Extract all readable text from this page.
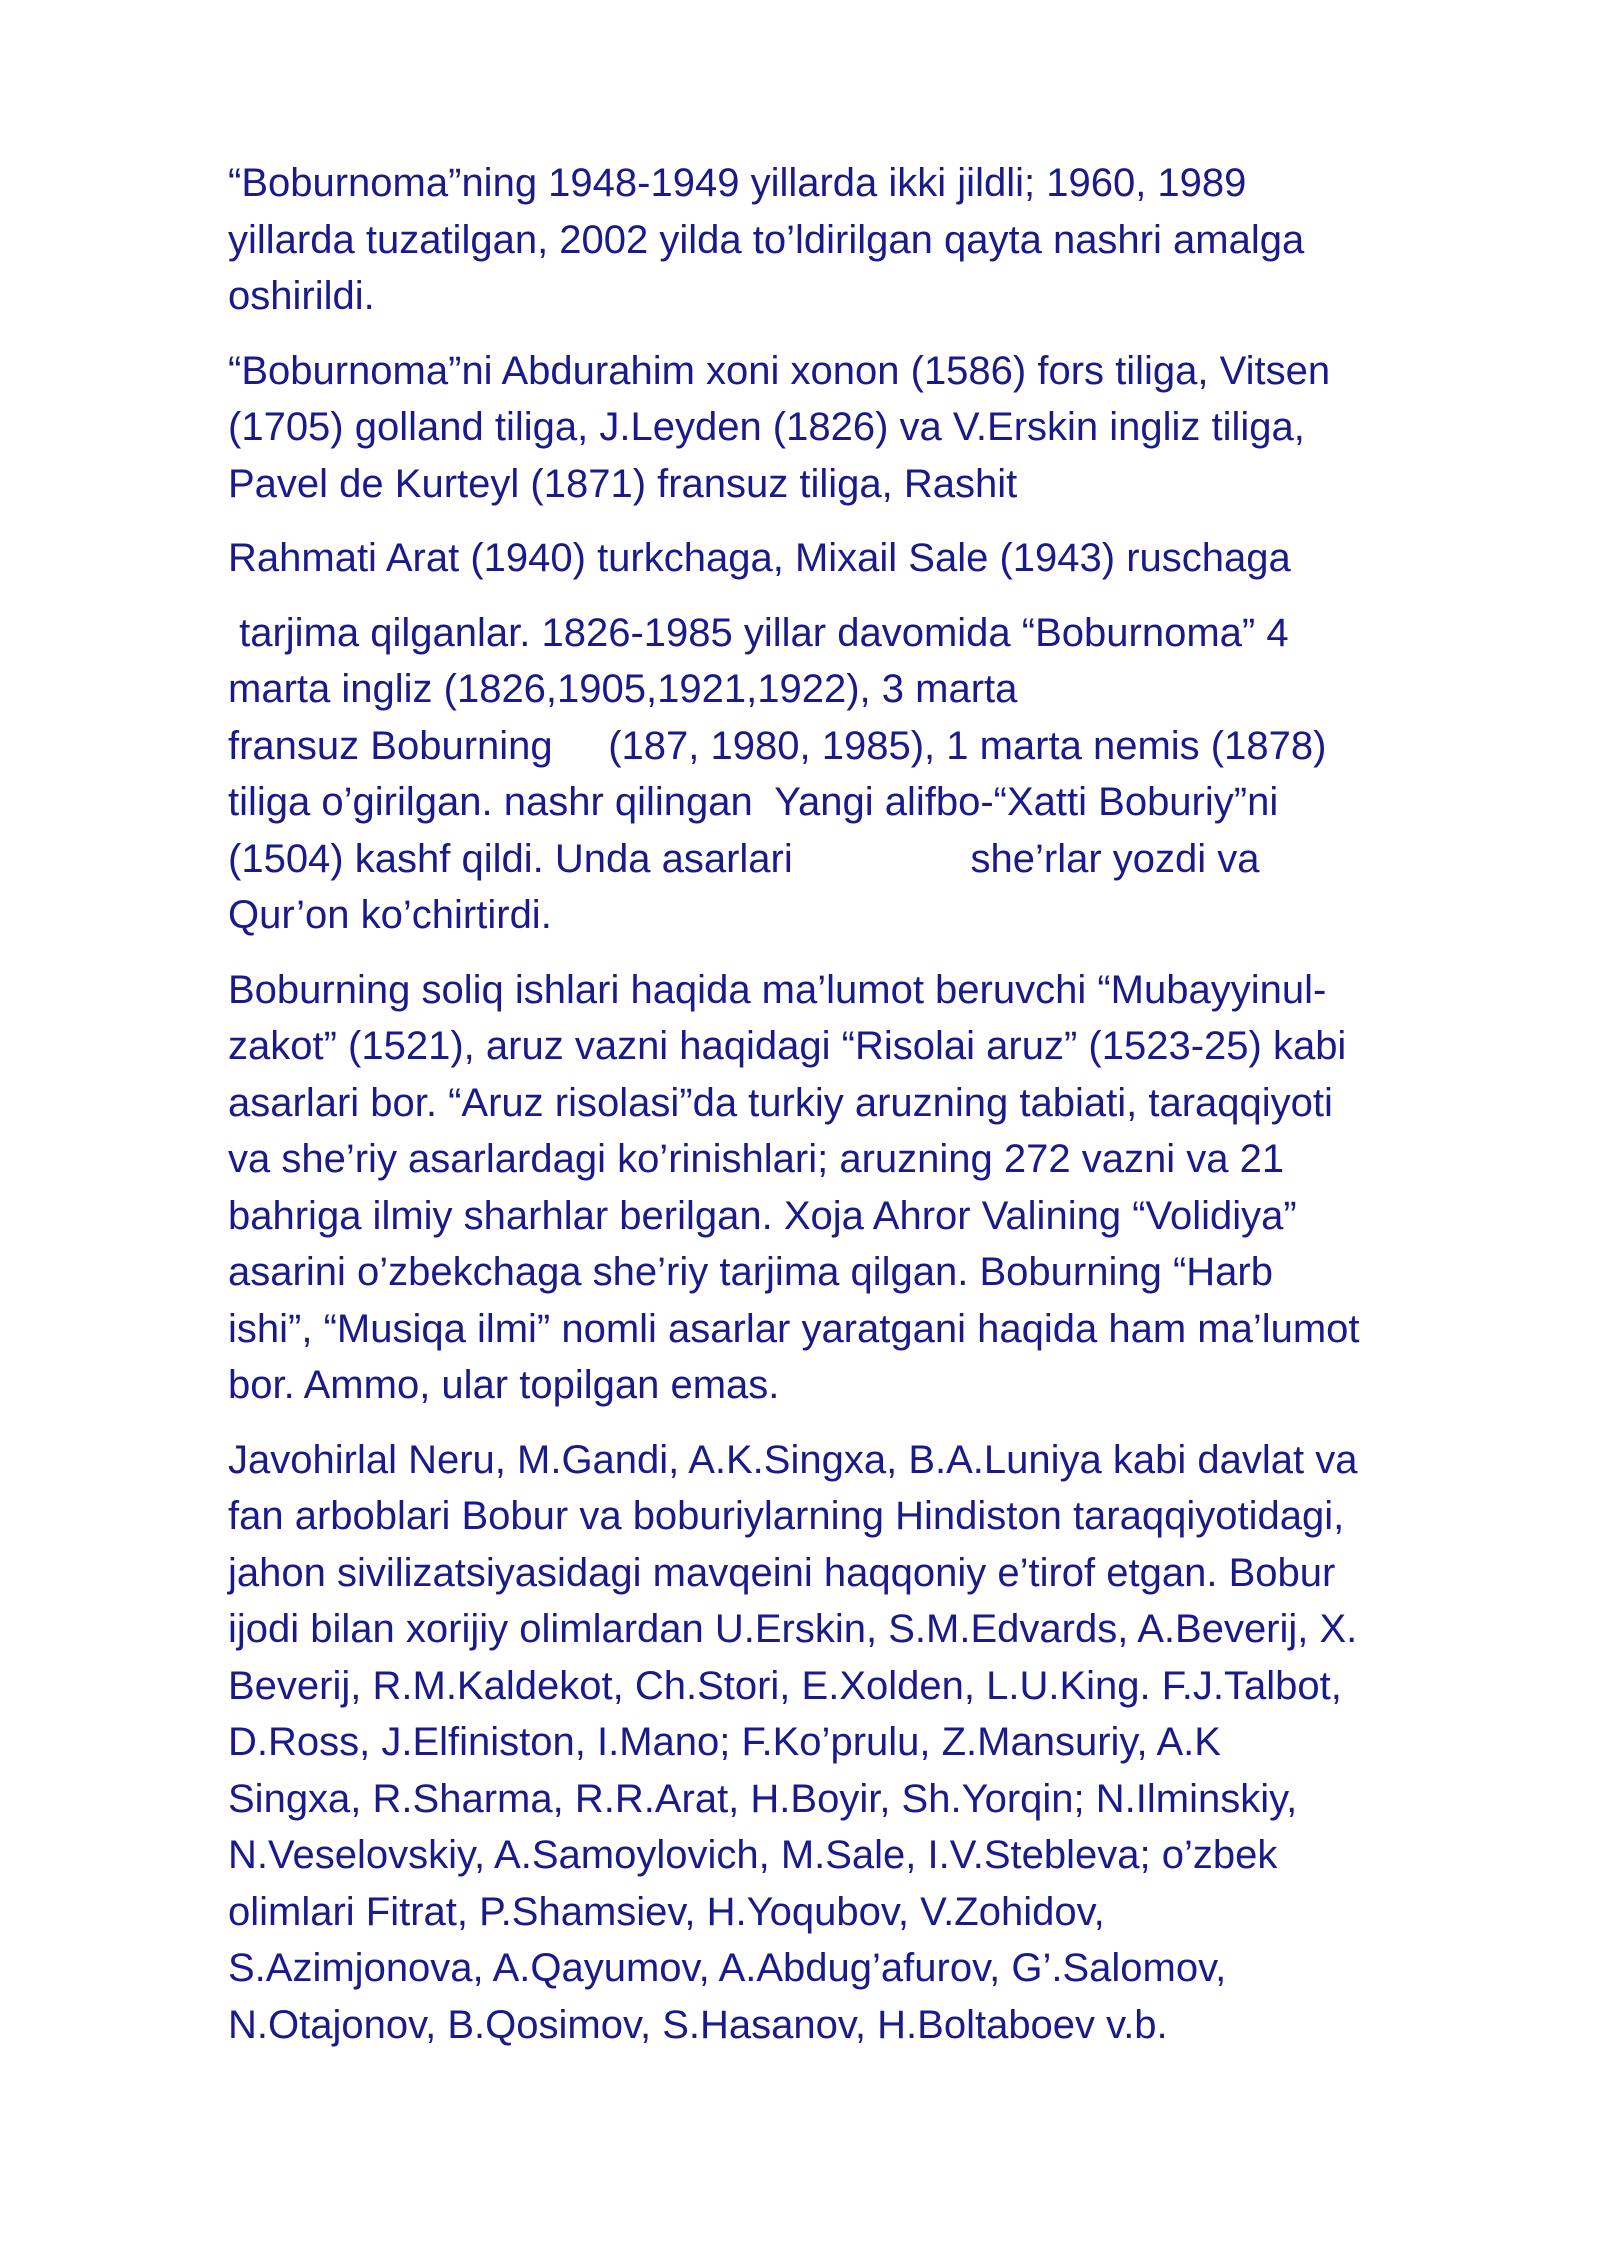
“Boburnoma”ning 1948-1949 yillarda ikki jildli; 1960, 1989
yillarda tuzatilgan, 2002 yilda to’ldirilgan qayta nashri amalga
oshirildi.

“Boburnoma”ni Abdurahim xoni xonon (1586) fors tiliga, Vitsen
(1705) golland tiliga, J.Leyden (1826) va V.Erskin ingliz tiliga,
Pavel de Kurteyl (1871) fransuz tiliga, Rashit

Rahmati Arat (1940) turkchaga, Mixail Sale (1943) ruschaga

tarjima qilganlar. 1826-1985 yillar davomida “Boburnoma” 4
marta ingliz (1826,1905,1921,1922), 3 marta
fransuz Boburning     (187, 1980, 1985), 1 marta nemis (1878)
tiliga o’girilgan. nashr qilingan  Yangi alifbo-“Xatti Boburiy”ni
(1504) kashf qildi. Unda asarlari                she’rlar yozdi va
Qur’on ko’chirtirdi.

Boburning soliq ishlari haqida ma’lumot beruvchi “Mubayyinul-
zakot” (1521), aruz vazni haqidagi “Risolai aruz” (1523-25) kabi
asarlari bor. “Aruz risolasi”da turkiy aruzning tabiati, taraqqiyoti
va she’riy asarlardagi ko’rinishlari; aruzning 272 vazni va 21
bahriga ilmiy sharhlar berilgan. Xoja Ahror Valining “Volidiya”
asarini o’zbekchaga she’riy tarjima qilgan. Boburning “Harb
ishi”, “Musiqa ilmi” nomli asarlar yaratgani haqida ham ma’lumot
bor. Ammo, ular topilgan emas.

Javohirlal Neru, M.Gandi, A.K.Singxa, B.A.Luniya kabi davlat va
fan arboblari Bobur va boburiylarning Hindiston taraqqiyotidagi,
jahon sivilizatsiyasidagi mavqeini haqqoniy e’tirof etgan. Bobur
ijodi bilan xorijiy olimlardan U.Erskin, S.M.Edvards, A.Beverij, X.
Beverij, R.M.Kaldekot, Ch.Stori, E.Xolden, L.U.King. F.J.Talbot,
D.Ross, J.Elfiniston, I.Mano; F.Ko’prulu, Z.Mansuriy, A.K
Singxa, R.Sharma, R.R.Arat, H.Boyir, Sh.Yorqin; N.Ilminskiy,
N.Veselovskiy, A.Samoylovich, M.Sale, I.V.Stebleva; o’zbek
olimlari Fitrat, P.Shamsiev, H.Yoqubov, V.Zohidov,
S.Azimjonova, A.Qayumov, A.Abdug’afurov, G’.Salomov,
N.Otajonov, B.Qosimov, S.Hasanov, H.Boltaboev v.b.
